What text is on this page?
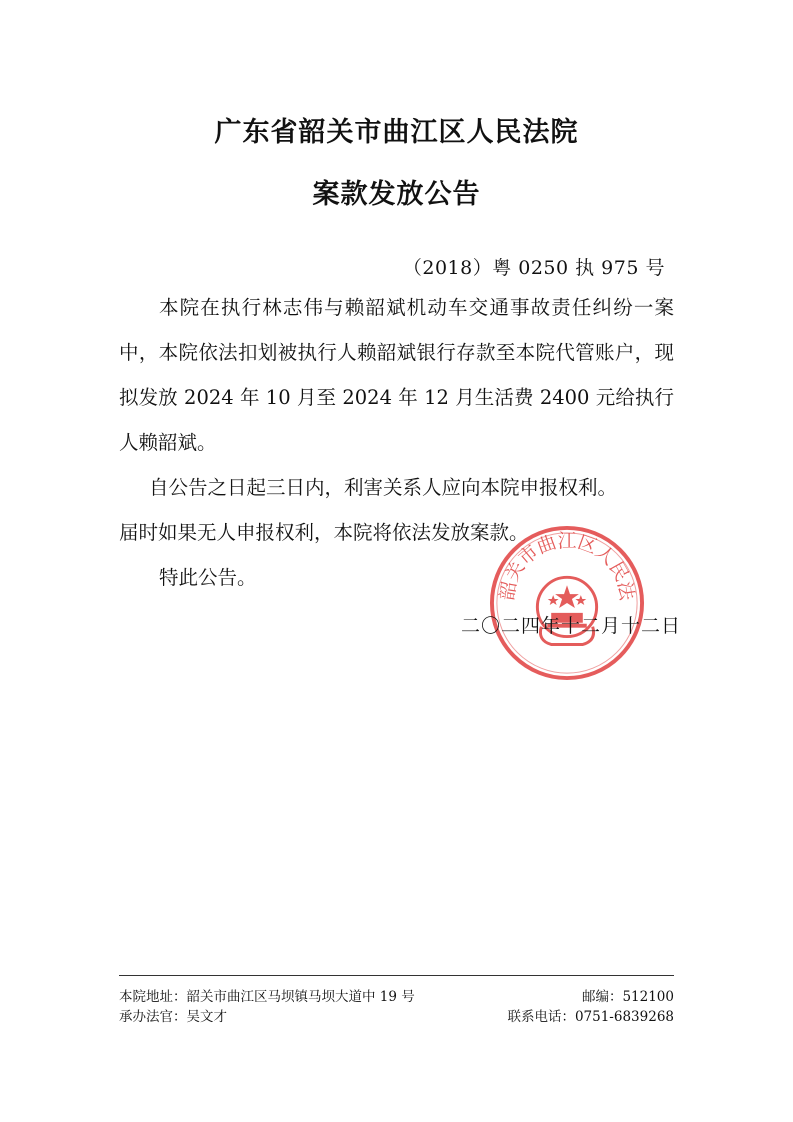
广东省韶关市曲江区人民法院
案款发放公告
（2018）粤 0250 执 975 号

本院在执行林志伟与赖韶斌机动车交通事故责任纠纷一案中，本院依法扣划被执行人赖韶斌银行存款至本院代管账户，现拟发放 2024 年 10 月至 2024 年 12 月生活费 2400 元给执行人赖韶斌。

自公告之日起三日内，利害关系人应向本院申报权利。

届时如果无人申报权利，本院将依法发放案款。

特此公告。

韶关市曲江区人民法
二〇二四年十二月十二日
本院地址：韶关市曲江区马坝镇马坝大道中 19 号	邮编：512100
承办法官：吴文才	联系电话：0751-6839268
